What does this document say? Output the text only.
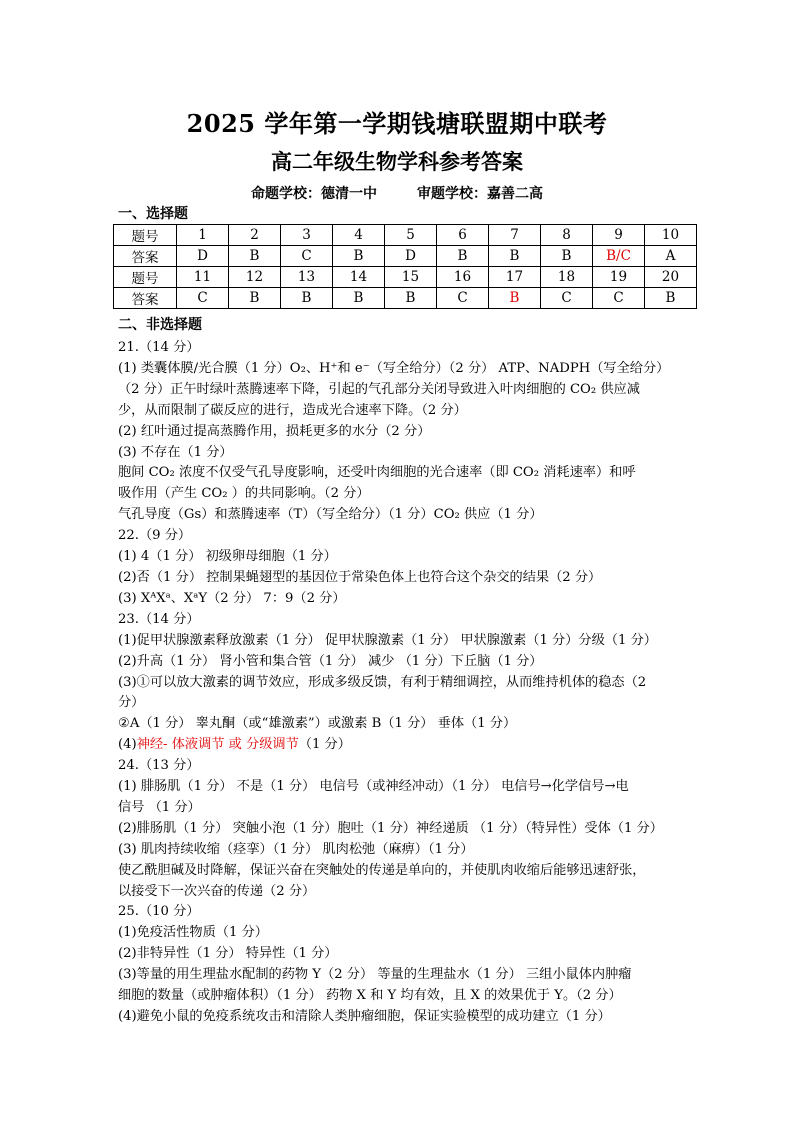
2025 学年第一学期钱塘联盟期中联考
高二年级生物学科参考答案
命题学校：德清一中	审题学校：嘉善二高
一、选择题
题号	1	2	3	4	5	6	7	8	9	10
答案	D	B	C	B	D	B	B	B	B/C	A
题号	11	12	13	14	15	16	17	18	19	20
答案	C	B	B	B	B	C	B	C	C	B
二、非选择题

21.（14 分）

(1) 类囊体膜/光合膜（1 分）O₂、H⁺和 e⁻（写全给分）（2 分） ATP、NADPH（写全给分）

（2 分）正午时绿叶蒸腾速率下降，引起的气孔部分关闭导致进入叶肉细胞的 CO₂ 供应减

少，从而限制了碳反应的进行，造成光合速率下降。（2 分）

(2) 红叶通过提高蒸腾作用，损耗更多的水分（2 分）

(3) 不存在（1 分）

胞间 CO₂ 浓度不仅受气孔导度影响，还受叶肉细胞的光合速率（即 CO₂ 消耗速率）和呼

吸作用（产生 CO₂ ）的共同影响。（2 分）

气孔导度（Gs）和蒸腾速率（T）（写全给分）（1 分）CO₂ 供应（1 分）

22.（9 分）

(1) 4（1 分） 初级卵母细胞（1 分）

(2)否（1 分） 控制果蝇翅型的基因位于常染色体上也符合这个杂交的结果（2 分）

(3) XᴬXᵃ、XᵃY（2 分） 7：9（2 分）

23.（14 分）

(1)促甲状腺激素释放激素（1 分） 促甲状腺激素（1 分） 甲状腺激素（1 分）分级（1 分）

(2)升高（1 分） 肾小管和集合管（1 分） 减少 （1 分）下丘脑（1 分）

(3)①可以放大激素的调节效应，形成多级反馈，有利于精细调控，从而维持机体的稳态（2

分）

②A（1 分） 睾丸酮（或“雄激素”）或激素 B（1 分） 垂体（1 分）

(4)神经- 体液调节 或 分级调节（1 分）

24.（13 分）

(1) 腓肠肌（1 分） 不是（1 分） 电信号（或神经冲动）（1 分） 电信号→化学信号→电

信号 （1 分）

(2)腓肠肌（1 分） 突触小泡（1 分）胞吐（1 分）神经递质 （1 分）（特异性）受体（1 分）

(3) 肌肉持续收缩（痉挛）（1 分） 肌肉松弛（麻痹）（1 分）

使乙酰胆碱及时降解，保证兴奋在突触处的传递是单向的，并使肌肉收缩后能够迅速舒张，

以接受下一次兴奋的传递（2 分）

25.（10 分）

(1)免疫活性物质（1 分）

(2)非特异性（1 分） 特异性（1 分）

(3)等量的用生理盐水配制的药物 Y（2 分） 等量的生理盐水（1 分） 三组小鼠体内肿瘤

细胞的数量（或肿瘤体积）（1 分） 药物 X 和 Y 均有效，且 X 的效果优于 Y。（2 分）

(4)避免小鼠的免疫系统攻击和清除人类肿瘤细胞，保证实验模型的成功建立（1 分）
